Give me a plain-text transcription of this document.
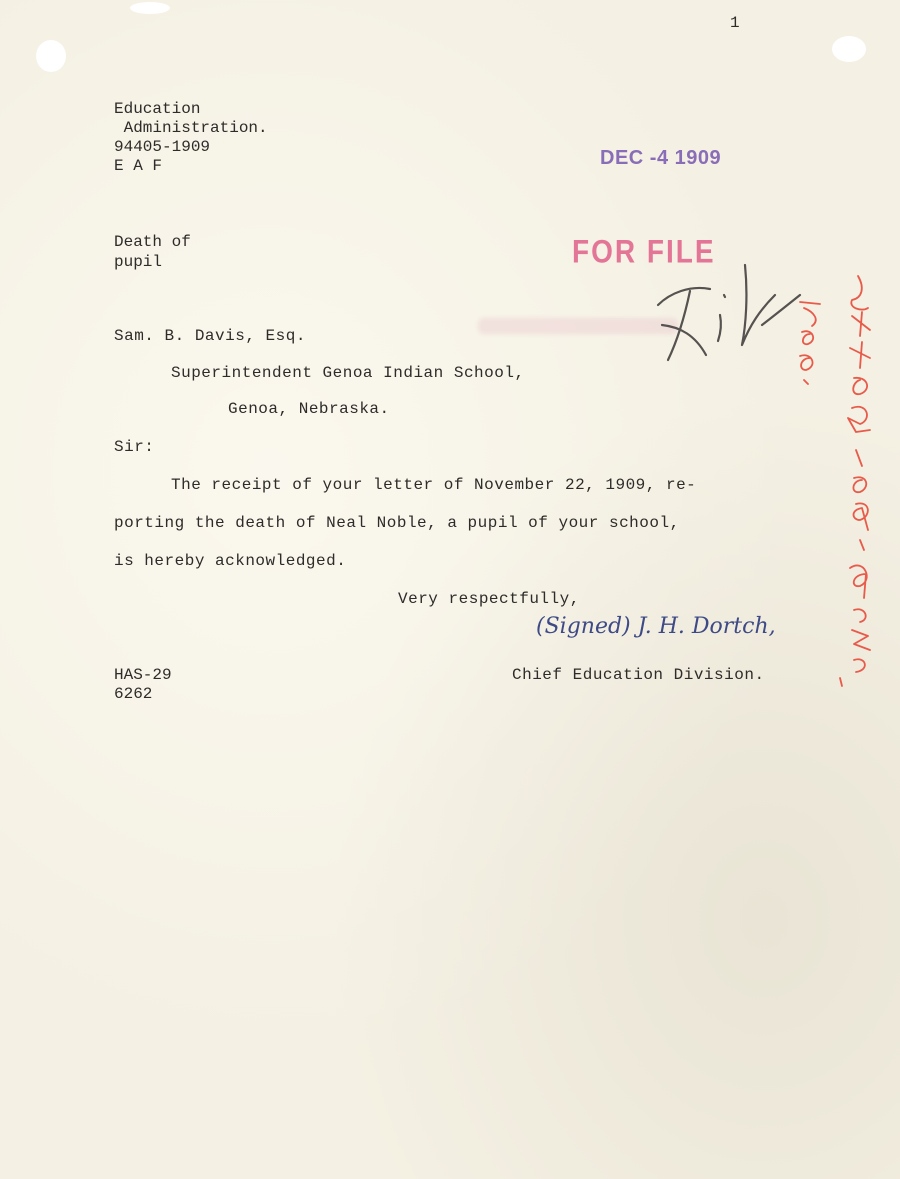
1
Education
Administration.
94405-1909
E A F	DEC -4 1909
Death of
pupil	FOR FILE
Sam. B. Davis, Esq.
Superintendent Genoa Indian School,
Genoa, Nebraska.
Sir:
The receipt of your letter of November 22, 1909, re-
porting the death of Neal Noble, a pupil of your school,
is hereby acknowledged.
Very respectfully,
(Signed) J. H. Dortch,
Chief Education Division.
HAS-29
6262
